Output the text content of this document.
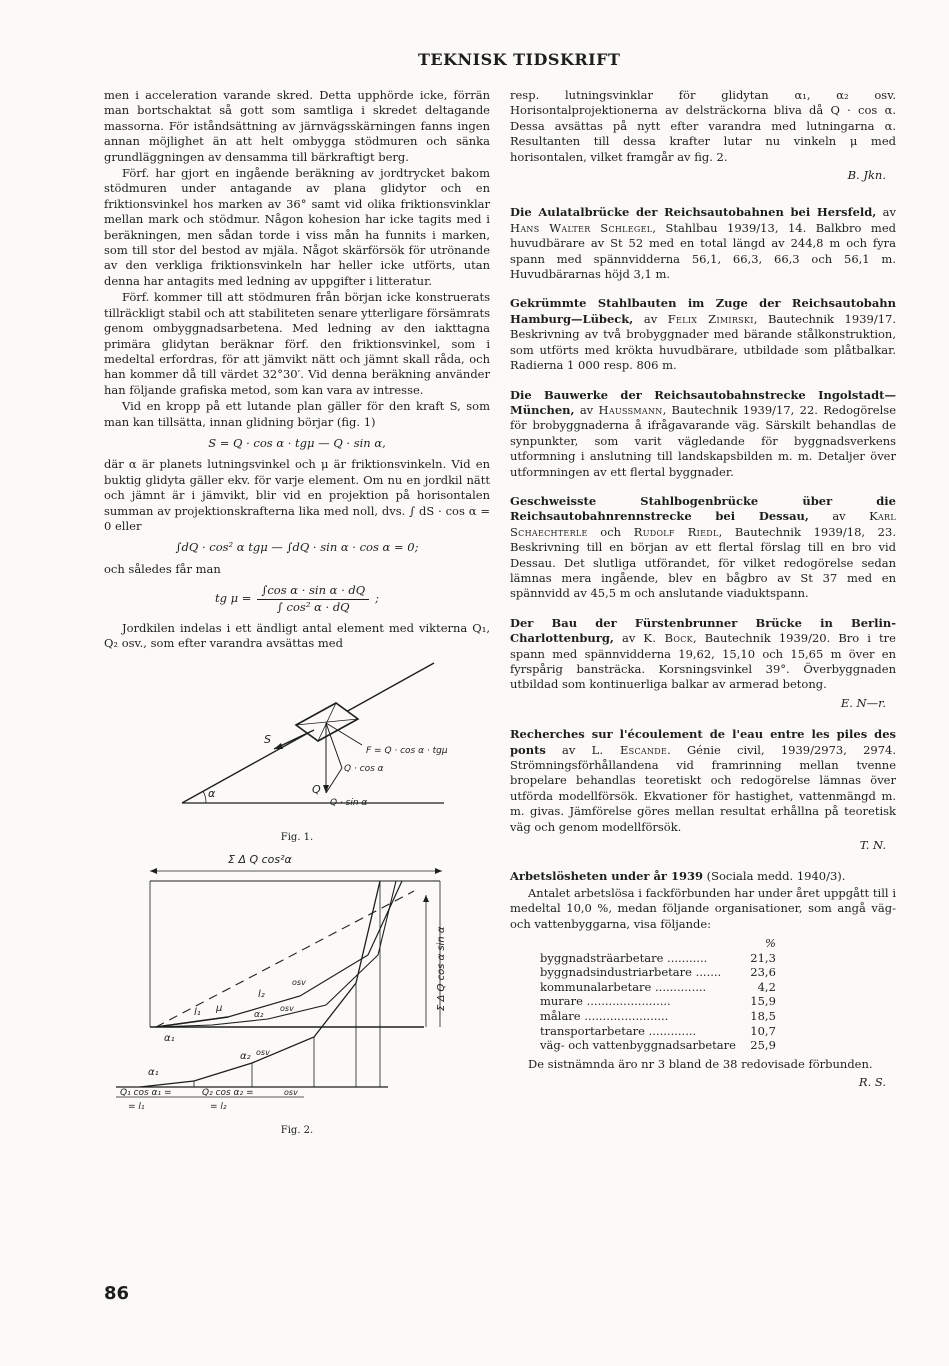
TEKNISK TIDSKRIFT

men i acceleration varande skred. Detta upphörde icke, förrän man bortschaktat så gott som samtliga i skredet deltagande massorna. För iståndsättning av järnvägsskärningen fanns ingen annan möjlighet än att helt ombygga stödmuren och sänka grundläggningen av densamma till bärkraftigt berg.

Förf. har gjort en ingående beräkning av jordtrycket bakom stödmuren under antagande av plana glidytor och en friktionsvinkel hos marken av 36° samt vid olika friktionsvinklar mellan mark och stödmur. Någon kohesion har icke tagits med i beräkningen, men sådan torde i viss mån ha funnits i marken, som till stor del bestod av mjäla. Något skärförsök för utrönande av den verkliga friktionsvinkeln har heller icke utförts, utan denna har antagits med ledning av uppgifter i litteratur.

Förf. kommer till att stödmuren från början icke konstruerats tillräckligt stabil och att stabiliteten senare ytterligare försämrats genom ombyggnadsarbetena. Med ledning av den iakttagna primära glidytan beräknar förf. den friktionsvinkel, som i medeltal erfordras, för att jämvikt nätt och jämnt skall råda, och han kommer då till värdet 32°30′. Vid denna beräkning använder han följande grafiska metod, som kan vara av intresse.

Vid en kropp på ett lutande plan gäller för den kraft S, som man kan tillsätta, innan glidning börjar (fig. 1)

S = Q · cos α · tgμ — Q · sin α,

där α är planets lutningsvinkel och μ är friktionsvinkeln. Vid en buktig glidyta gäller ekv. för varje element. Om nu en jordkil nätt och jämnt är i jämvikt, blir vid en projektion på horisontalen summan av projektionskrafterna lika med noll, dvs. ∫ dS · cos α = 0 eller

∫dQ · cos² α tgμ — ∫dQ · sin α · cos α = 0;

och således får man

tg $\mu = \frac{\text{∫cos α · sin α · dQ}}{\text{∫ cos² α · dQ}}$ ;

Jordkilen indelas i ett ändligt antal element med vikterna Q₁, Q₂ osv., som efter varandra avsättas med

F = Q · cos α · tgμ
S
Q · cos α
Q
Q · sin α
α
Fig. 1.
Σ Δ Q cos²α
Σ Δ Q cos α sin α
l₁ μ
l₂
osv
α₂
osv
α₁
α₂ osv
α₁
Q₁ cos α₁ =
= l₁
Q₂ cos α₂ =
= l₂
osv
Fig. 2.

resp. lutningsvinklar för glidytan α₁, α₂ osv. Horisontalprojektionerna av delsträckorna bliva då Q · cos α. Dessa avsättas på nytt efter varandra med lutningarna α. Resultanten till dessa krafter lutar nu vinkeln μ med horisontalen, vilket framgår av fig. 2.

B. Jkn.

Die Aulatalbrücke der Reichsautobahnen bei Hersfeld, av Hans Walter Schlegel, Stahlbau 1939/13, 14. Balkbro med huvudbärare av St 52 med en total längd av 244,8 m och fyra spann med spännvidderna 56,1, 66,3, 66,3 och 56,1 m. Huvudbärarnas höjd 3,1 m.

Gekrümmte Stahlbauten im Zuge der Reichsautobahn Hamburg—Lübeck, av Felix Zimirski, Bautechnik 1939/17. Beskrivning av två brobyggnader med bärande stålkonstruktion, som utförts med krökta huvudbärare, utbildade som plåtbalkar. Radierna 1 000 resp. 806 m.

Die Bauwerke der Reichsautobahnstrecke Ingolstadt—München, av Haussmann, Bautechnik 1939/17, 22. Redogörelse för brobyggnaderna å ifrågavarande väg. Särskilt behandlas de synpunkter, som varit vägledande för byggnadsverkens utformning i anslutning till landskapsbilden m. m. Detaljer över utformningen av ett flertal byggnader.

Geschweisste Stahlbogenbrücke über die Reichsautobahnrennstrecke bei Dessau, av Karl Schaechterle och Rudolf Riedl, Bautechnik 1939/18, 23. Beskrivning till en början av ett flertal förslag till en bro vid Dessau. Det slutliga utförandet, för vilket redogörelse sedan lämnas mera ingående, blev en bågbro av St 37 med en spännvidd av 45,5 m och anslutande viaduktspann.

Der Bau der Fürstenbrunner Brücke in Berlin-Charlottenburg, av K. Bock, Bautechnik 1939/20. Bro i tre spann med spännvidderna 19,62, 15,10 och 15,65 m över en fyrspårig bansträcka. Korsningsvinkel 39°. Överbyggnaden utbildad som kontinuerliga balkar av armerad betong.

E. N—r.

Recherches sur l'écoulement de l'eau entre les piles des ponts av L. Escande. Génie civil, 1939/2973, 2974. Strömningsförhållandena vid framrinning mellan tvenne bropelare behandlas teoretiskt och redogörelse lämnas över utförda modellförsök. Ekvationer för hastighet, vattenmängd m. m. givas. Jämförelse göres mellan resultat erhållna på teoretisk väg och genom modellförsök.

T. N.

Arbetslösheten under år 1939 (Sociala medd. 1940/3).

Antalet arbetslösa i fackförbunden har under året uppgått till i medeltal 10,0 %, medan följande organisationer, som angå väg- och vattenbyggarna, visa följande:

	%
byggnadsträarbetare ...........	21,3
byggnadsindustriarbetare .......	23,6
kommunalarbetare ..............	4,2
murare .......................	15,9
målare .......................	18,5
transportarbetare .............	10,7
väg- och vattenbyggnadsarbetare	25,9

De sistnämnda äro nr 3 bland de 38 redovisade förbunden.

R. S.
86
